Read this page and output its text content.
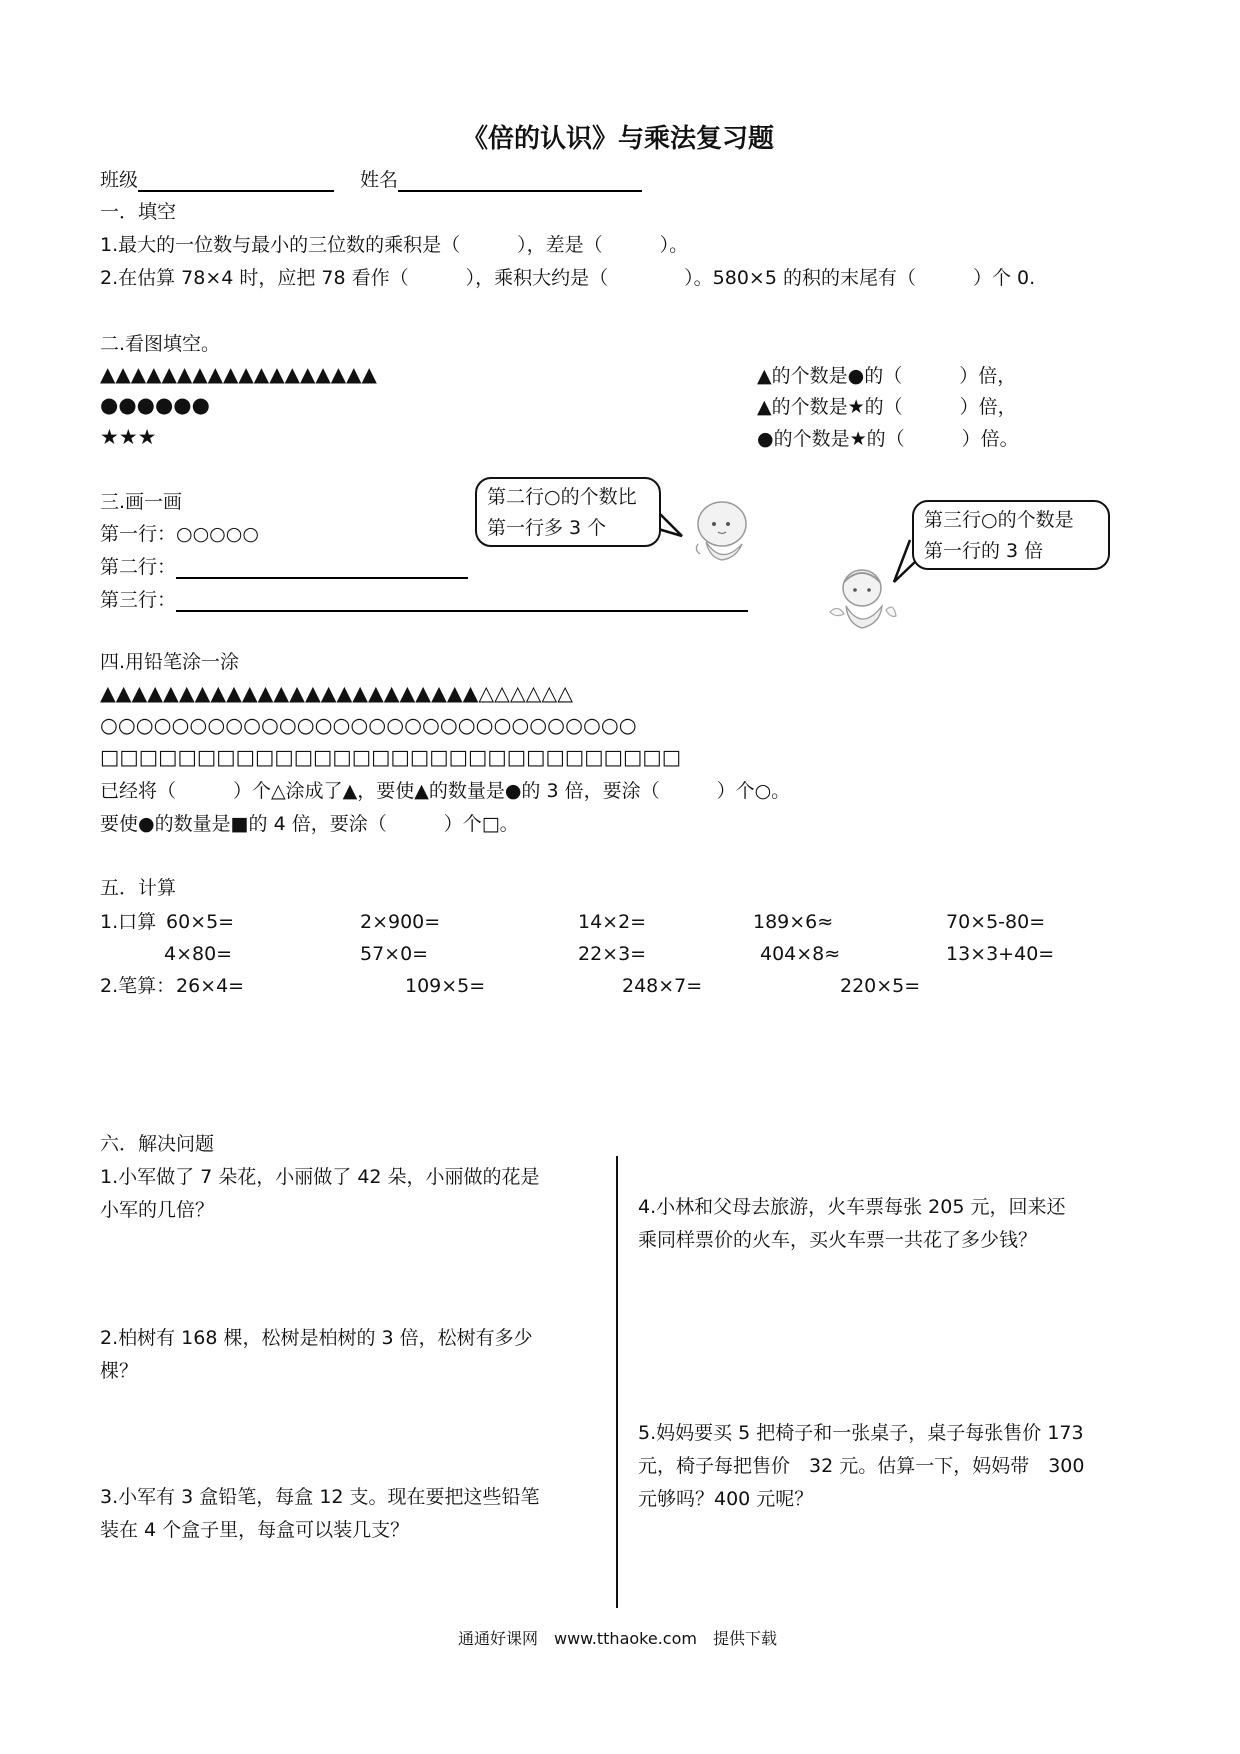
《倍的认识》与乘法复习题
班级	姓名
一．填空
1.最大的一位数与最小的三位数的乘积是（　　　），差是（　　　）。
2.在估算 78×4 时，应把 78 看作（　　　），乘积大约是（　　　　）。580×5 的积的末尾有（　　　）个 0.
二.看图填空。
▲▲▲▲▲▲▲▲▲▲▲▲▲▲▲▲▲▲
●●●●●●
★★★
▲的个数是●的（　　　）倍，
▲的个数是★的（　　　）倍，
●的个数是★的（　　　）倍。
三.画一画
第一行：○○○○○
第二行：
第三行：
第二行○的个数比
第一行多 3 个	第三行○的个数是
第一行的 3 倍
四.用铅笔涂一涂
▲▲▲▲▲▲▲▲▲▲▲▲▲▲▲▲▲▲▲▲▲▲▲▲△△△△△△
○○○○○○○○○○○○○○○○○○○○○○○○○○○○○○
□□□□□□□□□□□□□□□□□□□□□□□□□□□□□□
已经将（　　　）个△涂成了▲，要使▲的数量是●的 3 倍，要涂（　　　）个○。
要使●的数量是■的 4 倍，要涂（　　　）个□。
五．计算
1.口算 60×5=	2×900=	14×2=	189×6≈	70×5-80=
4×80=	57×0=	22×3=	404×8≈	13×3+40=
2.笔算： 26×4=	109×5=	248×7=	220×5=
六．解决问题
1.小军做了 7 朵花，小丽做了 42 朵，小丽做的花是
小军的几倍？
2.柏树有 168 棵，松树是柏树的 3 倍，松树有多少
棵？
3.小军有 3 盒铅笔，每盒 12 支。现在要把这些铅笔
装在 4 个盒子里，每盒可以装几支？
4.小林和父母去旅游，火车票每张 205 元，回来还
乘同样票价的火车，买火车票一共花了多少钱？
5.妈妈要买 5 把椅子和一张桌子，桌子每张售价 173
元，椅子每把售价　32 元。估算一下，妈妈带　300
元够吗？400 元呢？
通通好课网　www.tthaoke.com　提供下载
